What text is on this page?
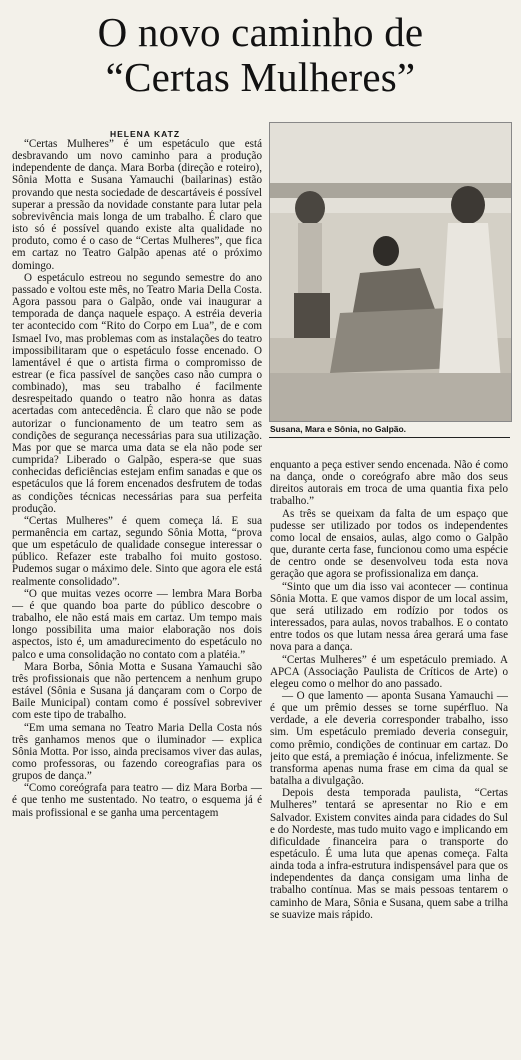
O novo caminho de
“Certas Mulheres”
HELENA KATZ
Susana, Mara e Sônia, no Galpão.

“Certas Mulheres” é um espetáculo que está desbravando um novo caminho para a produção independente de dança. Mara Borba (direção e roteiro), Sônia Motta e Susana Yamauchi (bailarinas) estão provando que nesta sociedade de descartáveis é possível superar a pressão da novidade constante para lutar pela sobrevivência mais longa de um trabalho. É claro que isto só é possível quando existe alta qualidade no produto, como é o caso de “Certas Mulheres”, que fica em cartaz no Teatro Galpão apenas até o próximo domingo.

O espetáculo estreou no segundo semestre do ano passado e voltou este mês, no Teatro Maria Della Costa. Agora passou para o Galpão, onde vai inaugurar a temporada de dança naquele espaço. A estréia deveria ter acontecido com “Rito do Corpo em Lua”, de e com Ismael Ivo, mas problemas com as instalações do teatro impossibilitaram que o espetáculo fosse encenado. O lamentável é que o artista firma o compromisso de estrear (e fica passível de sanções caso não cumpra o combinado), mas seu trabalho é facilmente desrespeitado quando o teatro não honra as datas acertadas com antecedência. É claro que não se pode autorizar o funcionamento de um teatro sem as condições de segurança necessárias para sua utilização. Mas por que se marca uma data se ela não pode ser cumprida? Liberado o Galpão, espera-se que suas conhecidas deficiências estejam enfim sanadas e que os espetáculos que lá forem encenados desfrutem de todas as condições técnicas necessárias para sua perfeita produção.

“Certas Mulheres” é quem começa lá. E sua permanência em cartaz, segundo Sônia Motta, “prova que um espetáculo de qualidade consegue interessar o público. Refazer este trabalho foi muito gostoso. Pudemos sugar o máximo dele. Sinto que agora ele está realmente consolidado”.

“O que muitas vezes ocorre — lembra Mara Borba — é que quando boa parte do público descobre o trabalho, ele não está mais em cartaz. Um tempo mais longo possibilita uma maior elaboração nos dois aspectos, isto é, um amadurecimento do espetáculo no palco e uma consolidação no contato com a platéia.”

Mara Borba, Sônia Motta e Susana Yamauchi são três profissionais que não pertencem a nenhum grupo estável (Sônia e Susana já dançaram com o Corpo de Baile Municipal) contam como é possível sobreviver com este tipo de trabalho.

“Em uma semana no Teatro Maria Della Costa nós três ganhamos menos que o iluminador — explica Sônia Motta. Por isso, ainda precisamos viver das aulas, como professoras, ou fazendo coreografias para os grupos de dança.”

“Como coreógrafa para teatro — diz Mara Borba — é que tenho me sustentado. No teatro, o esquema já é mais profissional e se ganha uma percentagem

enquanto a peça estiver sendo encenada. Não é como na dança, onde o coreógrafo abre mão dos seus direitos autorais em troca de uma quantia fixa pelo trabalho.”

As três se queixam da falta de um espaço que pudesse ser utilizado por todos os independentes como local de ensaios, aulas, algo como o Galpão que, durante certa fase, funcionou como uma espécie de centro onde se desenvolveu toda esta nova geração que agora se profissionaliza em dança.

“Sinto que um dia isso vai acontecer — continua Sônia Motta. E que vamos dispor de um local assim, que será utilizado em rodízio por todos os interessados, para aulas, novos trabalhos. E o contato entre todos os que lutam nessa área gerará uma fase nova para a dança.

“Certas Mulheres” é um espetáculo premiado. A APCA (Associação Paulista de Críticos de Arte) o elegeu como o melhor do ano passado.

— O que lamento — aponta Susana Yamauchi — é que um prêmio desses se torne supérfluo. Na verdade, a ele deveria corresponder trabalho, isso sim. Um espetáculo premiado deveria conseguir, como prêmio, condições de continuar em cartaz. Do jeito que está, a premiação é inócua, infelizmente. Se transforma apenas numa frase em cima da qual se batalha a divulgação.

Depois desta temporada paulista, “Certas Mulheres” tentará se apresentar no Rio e em Salvador. Existem convites ainda para cidades do Sul e do Nordeste, mas tudo muito vago e implicando em dificuldade financeira para o transporte do espetáculo. É uma luta que apenas começa. Falta ainda toda a infra-estrutura indispensável para que os independentes da dança consigam uma linha de trabalho contínua. Mas se mais pessoas tentarem o caminho de Mara, Sônia e Susana, quem sabe a trilha se suavize mais rápido.
